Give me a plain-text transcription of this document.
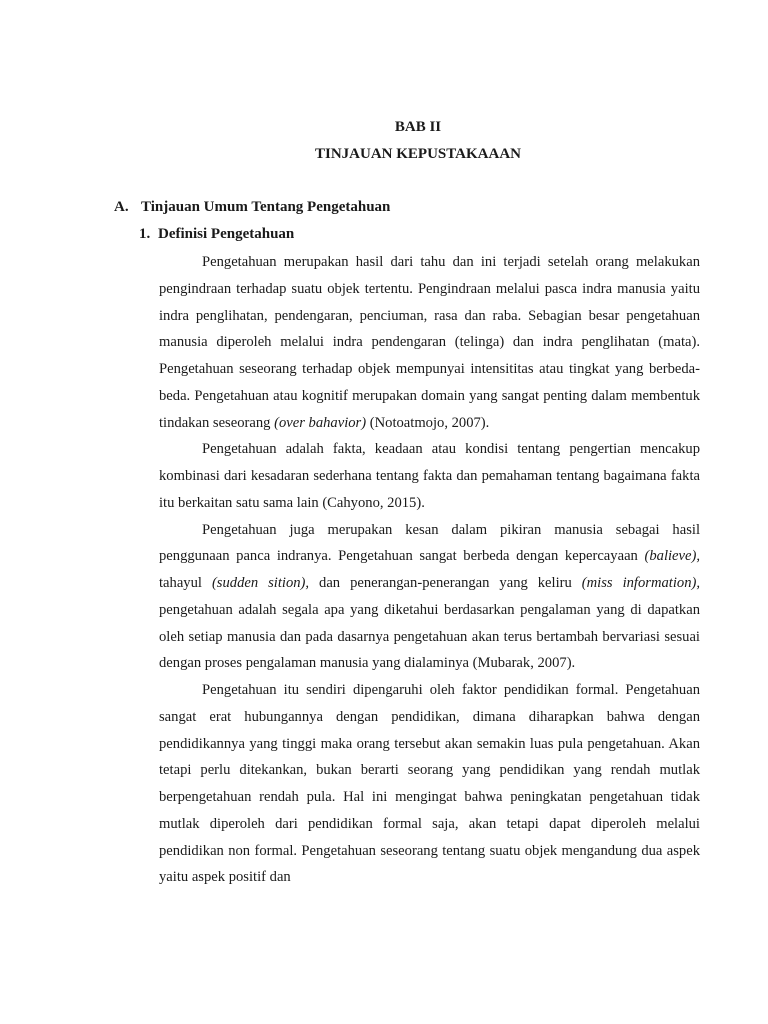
BAB II
TINJAUAN KEPUSTAKAAAN
A. Tinjauan Umum Tentang Pengetahuan
1. Definisi Pengetahuan

Pengetahuan merupakan hasil dari tahu dan ini terjadi setelah orang melakukan pengindraan terhadap suatu objek tertentu. Pengindraan melalui pasca indra manusia yaitu indra penglihatan, pendengaran, penciuman, rasa dan raba. Sebagian besar pengetahuan manusia diperoleh melalui indra pendengaran (telinga) dan indra penglihatan (mata). Pengetahuan seseorang terhadap objek mempunyai intensititas atau tingkat yang berbeda-beda. Pengetahuan atau kognitif merupakan domain yang sangat penting dalam membentuk tindakan seseorang (over bahavior) (Notoatmojo, 2007).

Pengetahuan adalah fakta, keadaan atau kondisi tentang pengertian mencakup kombinasi dari kesadaran sederhana tentang fakta dan pemahaman tentang bagaimana fakta itu berkaitan satu sama lain (Cahyono, 2015).

Pengetahuan juga merupakan kesan dalam pikiran manusia sebagai hasil penggunaan panca indranya. Pengetahuan sangat berbeda dengan kepercayaan (balieve), tahayul (sudden sition), dan penerangan-penerangan yang keliru (miss information), pengetahuan adalah segala apa yang diketahui berdasarkan pengalaman yang di dapatkan oleh setiap manusia dan pada dasarnya pengetahuan akan terus bertambah bervariasi sesuai dengan proses pengalaman manusia yang dialaminya (Mubarak, 2007).

Pengetahuan itu sendiri dipengaruhi oleh faktor pendidikan formal. Pengetahuan sangat erat hubungannya dengan pendidikan, dimana diharapkan bahwa dengan pendidikannya yang tinggi maka orang tersebut akan semakin luas pula pengetahuan. Akan tetapi perlu ditekankan, bukan berarti seorang yang pendidikan yang rendah mutlak berpengetahuan rendah pula. Hal ini mengingat bahwa peningkatan pengetahuan tidak mutlak diperoleh dari pendidikan formal saja, akan tetapi dapat diperoleh melalui pendidikan non formal. Pengetahuan seseorang tentang suatu objek mengandung dua aspek yaitu aspek positif dan
